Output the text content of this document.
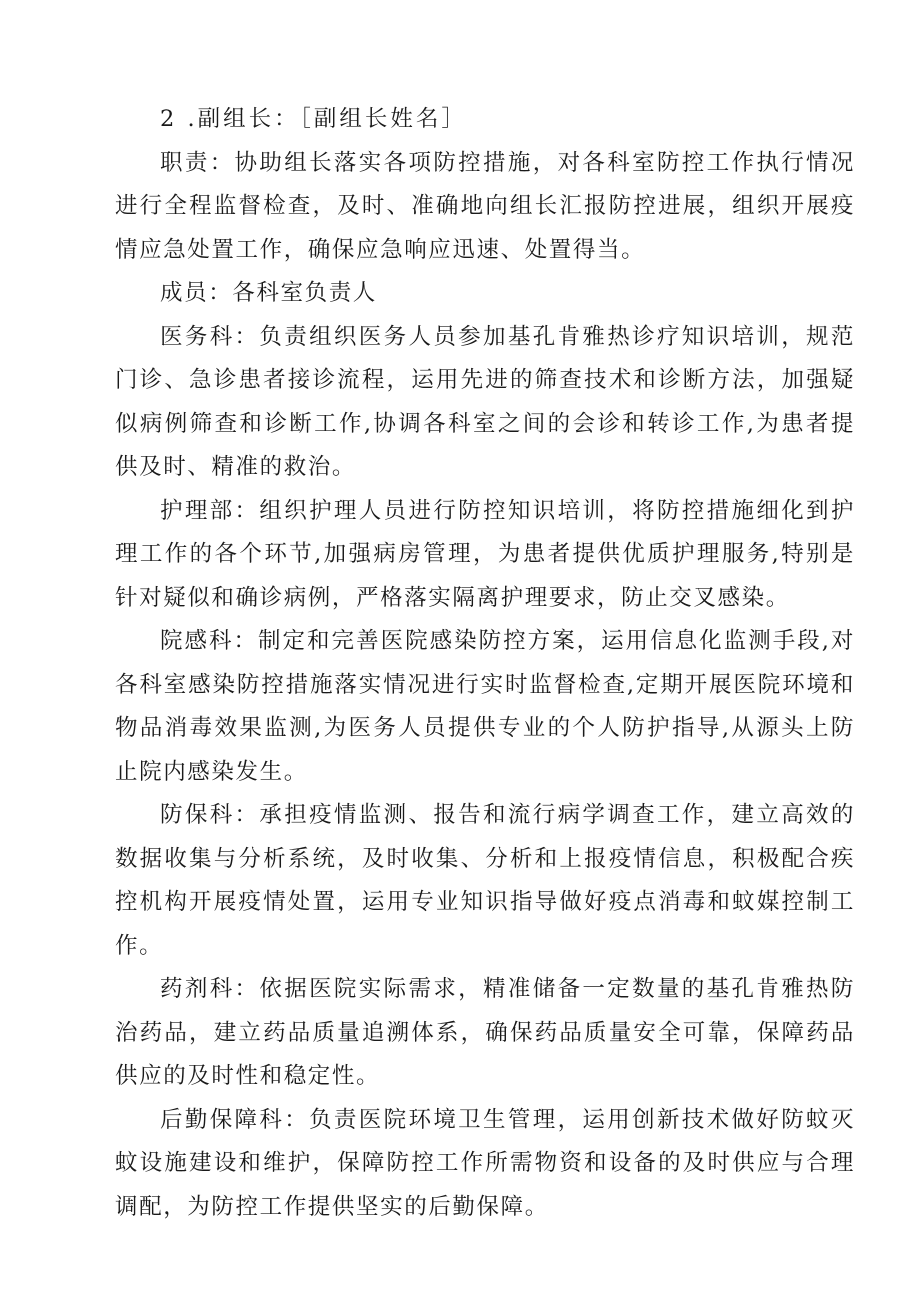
2 .副组长：［副组长姓名］

职责：协助组长落实各项防控措施，对各科室防控工作执行情况进行全程监督检查，及时、准确地向组长汇报防控进展，组织开展疫情应急处置工作，确保应急响应迅速、处置得当。

成员：各科室负责人

医务科：负责组织医务人员参加基孔肯雅热诊疗知识培训，规范门诊、急诊患者接诊流程，运用先进的筛查技术和诊断方法，加强疑似病例筛查和诊断工作,协调各科室之间的会诊和转诊工作,为患者提供及时、精准的救治。

护理部：组织护理人员进行防控知识培训，将防控措施细化到护理工作的各个环节,加强病房管理，为患者提供优质护理服务,特别是针对疑似和确诊病例，严格落实隔离护理要求，防止交叉感染。

院感科：制定和完善医院感染防控方案，运用信息化监测手段,对各科室感染防控措施落实情况进行实时监督检查,定期开展医院环境和物品消毒效果监测,为医务人员提供专业的个人防护指导,从源头上防止院内感染发生。

防保科：承担疫情监测、报告和流行病学调查工作，建立高效的数据收集与分析系统，及时收集、分析和上报疫情信息，积极配合疾控机构开展疫情处置，运用专业知识指导做好疫点消毒和蚊媒控制工作。

药剂科：依据医院实际需求，精准储备一定数量的基孔肯雅热防治药品，建立药品质量追溯体系，确保药品质量安全可靠，保障药品供应的及时性和稳定性。

后勤保障科：负责医院环境卫生管理，运用创新技术做好防蚊灭蚊设施建设和维护，保障防控工作所需物资和设备的及时供应与合理调配，为防控工作提供坚实的后勤保障。
